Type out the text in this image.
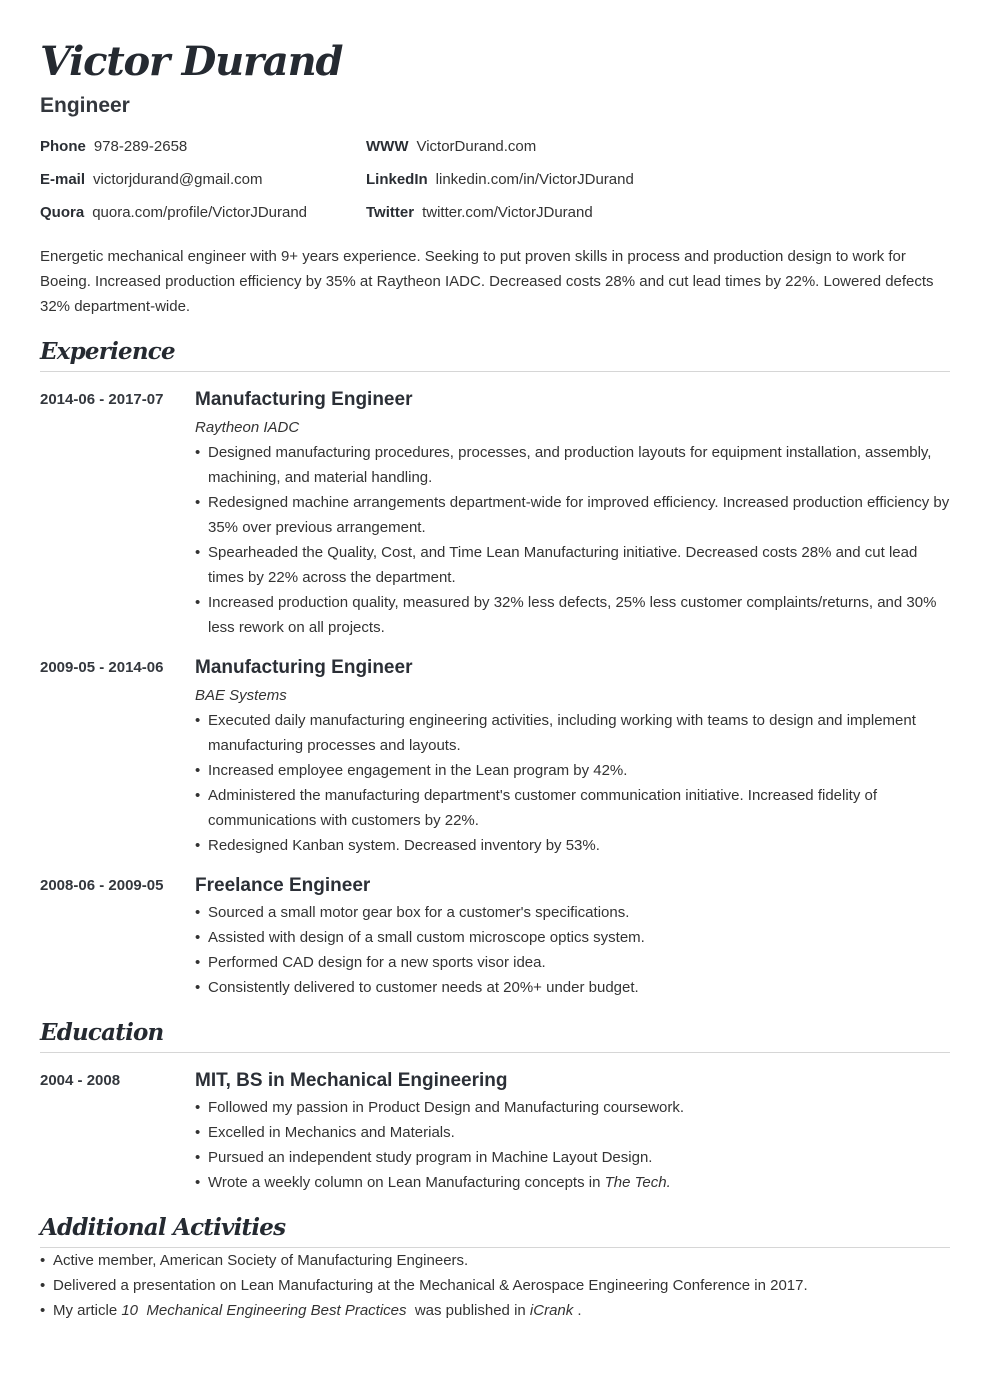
Victor Durand
Engineer
Phone 978-289-2658	WWW VictorDurand.com
E-mail victorjdurand@gmail.com	LinkedIn linkedin.com/in/VictorJDurand
Quora quora.com/profile/VictorJDurand	Twitter twitter.com/VictorJDurand
Energetic mechanical engineer with 9+ years experience. Seeking to put proven skills in process and production design to work for Boeing. Increased production efficiency by 35% at Raytheon IADC. Decreased costs 28% and cut lead times by 22%. Lowered defects 32% department-wide.
Experience
2014-06 - 2017-07	Manufacturing Engineer
Raytheon IADC
• Designed manufacturing procedures, processes, and production layouts for equipment installation, assembly, machining, and material handling.
• Redesigned machine arrangements department-wide for improved efficiency. Increased production efficiency by 35% over previous arrangement.
• Spearheaded the Quality, Cost, and Time Lean Manufacturing initiative. Decreased costs 28% and cut lead times by 22% across the department.
• Increased production quality, measured by 32% less defects, 25% less customer complaints/returns, and 30% less rework on all projects.
2009-05 - 2014-06	Manufacturing Engineer
BAE Systems
• Executed daily manufacturing engineering activities, including working with teams to design and implement manufacturing processes and layouts.
• Increased employee engagement in the Lean program by 42%.
• Administered the manufacturing department's customer communication initiative. Increased fidelity of communications with customers by 22%.
• Redesigned Kanban system. Decreased inventory by 53%.
2008-06 - 2009-05	Freelance Engineer
• Sourced a small motor gear box for a customer's specifications.
• Assisted with design of a small custom microscope optics system.
• Performed CAD design for a new sports visor idea.
• Consistently delivered to customer needs at 20%+ under budget.
Education
2004 - 2008	MIT, BS in Mechanical Engineering
• Followed my passion in Product Design and Manufacturing coursework.
• Excelled in Mechanics and Materials.
• Pursued an independent study program in Machine Layout Design.
• Wrote a weekly column on Lean Manufacturing concepts in The Tech.
Additional Activities
• Active member, American Society of Manufacturing Engineers.
• Delivered a presentation on Lean Manufacturing at the Mechanical & Aerospace Engineering Conference in 2017.
• My article 10  Mechanical Engineering Best Practices  was published in iCrank .
